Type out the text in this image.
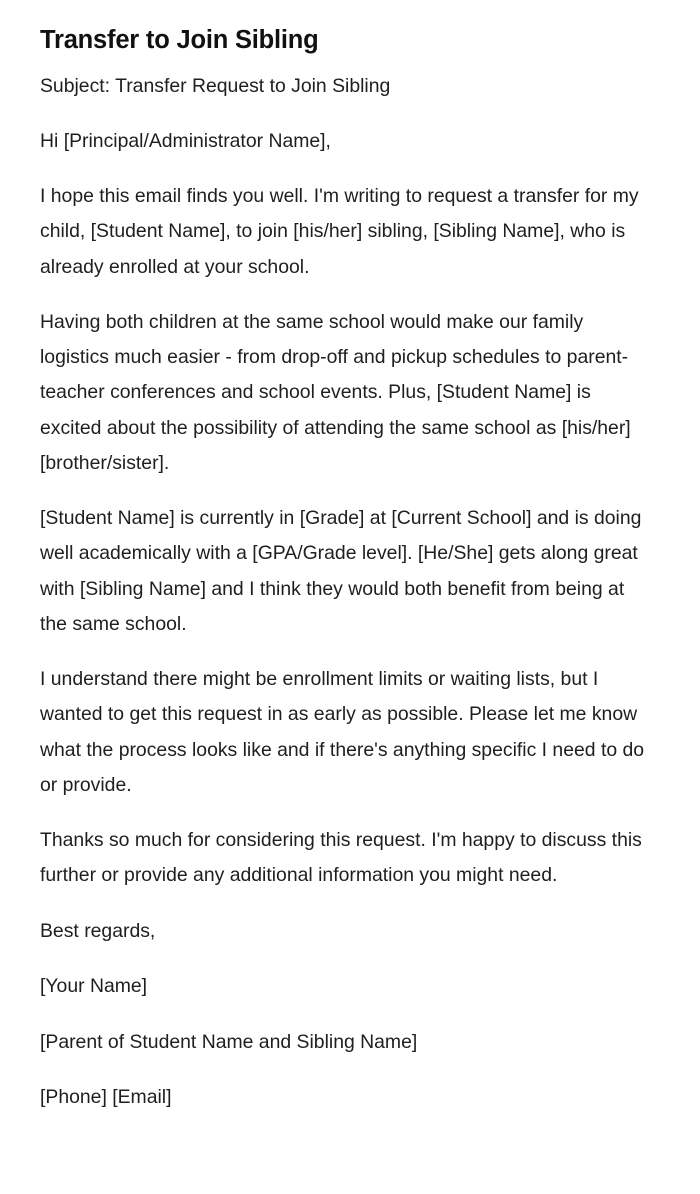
Transfer to Join Sibling

Subject: Transfer Request to Join Sibling

Hi [Principal/Administrator Name],

I hope this email finds you well. I'm writing to request a transfer for my child, [Student Name], to join [his/her] sibling, [Sibling Name], who is already enrolled at your school.

Having both children at the same school would make our family logistics much easier - from drop-off and pickup schedules to parent-teacher conferences and school events. Plus, [Student Name] is excited about the possibility of attending the same school as [his/her] [brother/sister].

[Student Name] is currently in [Grade] at [Current School] and is doing well academically with a [GPA/Grade level]. [He/She] gets along great with [Sibling Name] and I think they would both benefit from being at the same school.

I understand there might be enrollment limits or waiting lists, but I wanted to get this request in as early as possible. Please let me know what the process looks like and if there's anything specific I need to do or provide.

Thanks so much for considering this request. I'm happy to discuss this further or provide any additional information you might need.

Best regards,

[Your Name]

[Parent of Student Name and Sibling Name]

[Phone] [Email]
